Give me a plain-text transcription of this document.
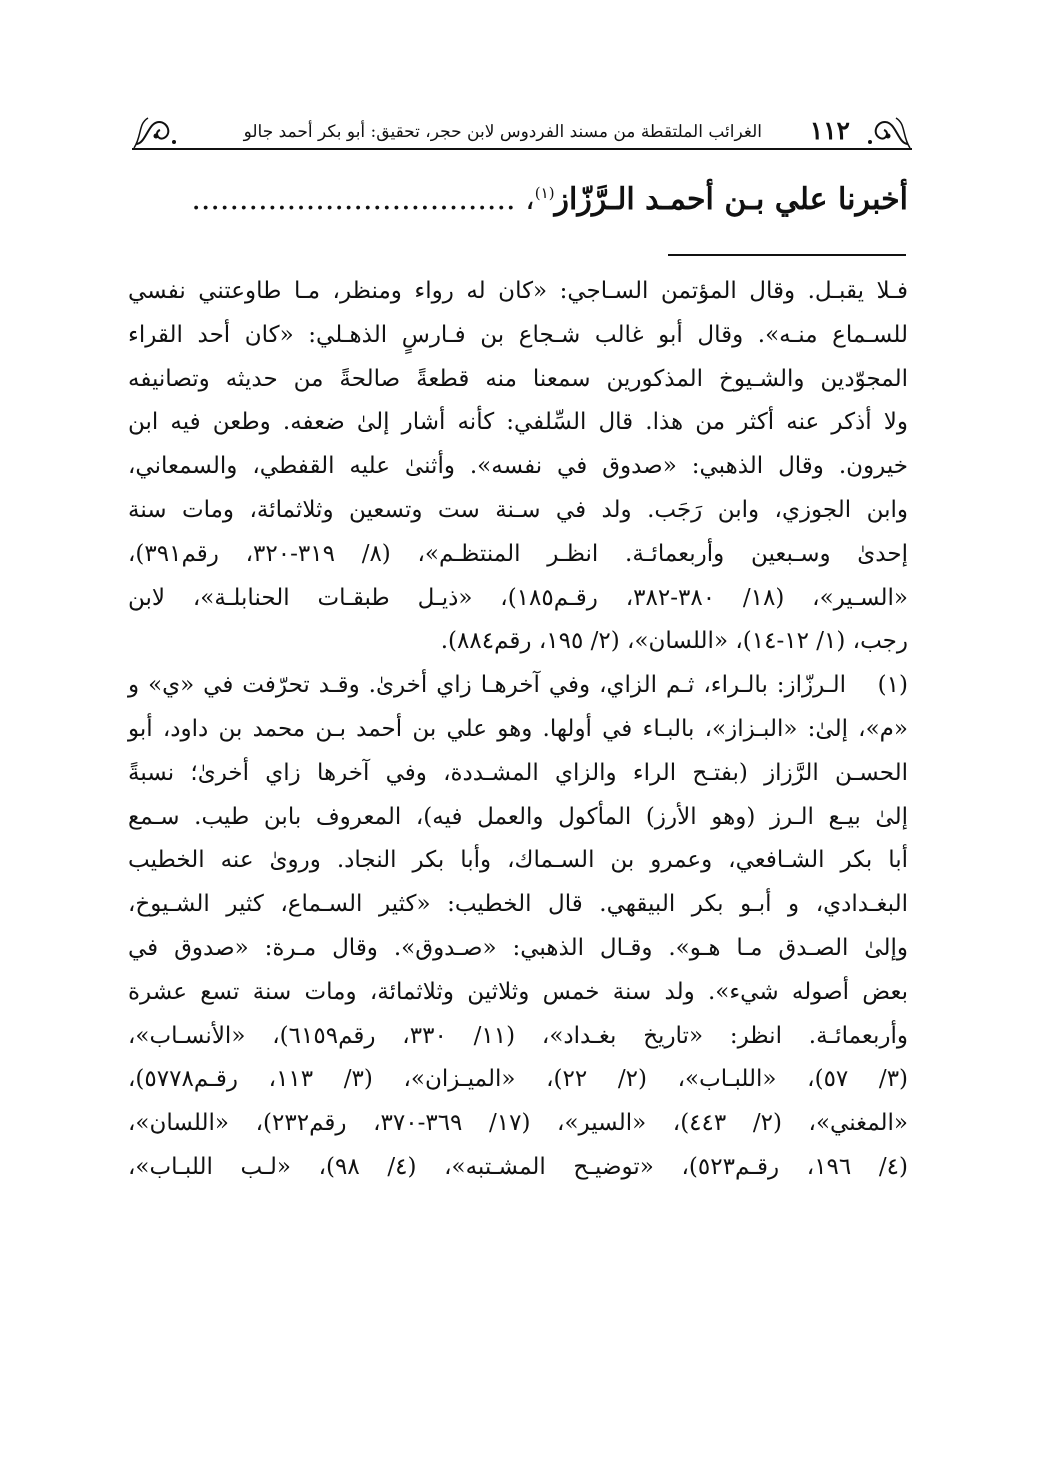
١١٢
الغرائب الملتقطة من مسند الفردوس لابن حجر، تحقيق: أبو بكر أحمد جالو
أخبرنا علي بـن أحمـد الـرَّزّاز$^{(١)}$، ..................................
فـلا يقبـل. وقال المؤتمن السـاجي: «كان له رواء ومنظر، مـا طاوعتني نفسي
للسـماع منـه». وقال أبو غالب شـجاع بن فـارسٍ الذهـلي: «كان أحد القراء
المجوّدين والشـيوخ المذكورين سمعنا منه قطعةً صالحةً من حديثه وتصانيفه
ولا أذكر عنه أكثر من هذا. قال السِّلفي: كأنه أشار إلىٰ ضعفه. وطعن فيه ابن
خيرون. وقال الذهبي: «صدوق في نفسه». وأثنىٰ عليه القفطي، والسمعاني،
وابن الجوزي، وابن رَجَب. ولد في سـنة ست وتسعين وثلاثمائة، ومات سنة
إحدىٰ وسـبعين وأربعمائـة. انظـر المنتظـم»، (٨/ ٣١٩-٣٢٠، رقم٣٩١)،
«السـير»، (١٨/ ٣٨٠-٣٨٢، رقـم١٨٥)، «ذيـل طبقـات الحنابلـة»، لابن
رجب، (١/ ١٢-١٤)، «اللسان»، (٢/ ١٩٥، رقم٨٨٤).
(١)
الـرزّاز: بالـراء، ثـم الزاي، وفي آخرهـا زاي أخرىٰ. وقـد تحرّفت في «ي» و
«م»، إلىٰ: «البـزاز»، بالبـاء في أولها. وهو علي بن أحمد بـن محمد بن داود، أبو
الحسـن الرَّزاز (بفتـح الراء والزاي المشـددة، وفي آخرها زاي أخرىٰ؛ نسبةً
إلىٰ بيـع الـرز (وهو الأرز) المأكول والعمل فيه)، المعروف بابن طيب. سـمع
أبا بكر الشـافعي، وعمرو بن السـماك، وأبا بكر النجاد. وروىٰ عنه الخطيب
البغـدادي، و أبـو بكر البيقهي. قال الخطيب: «كثير السـماع، كثير الشـيوخ،
وإلىٰ الصـدق مـا هـو». وقـال الذهبي: «صـدوق». وقال مـرة: «صدوق في
بعض أصوله شيء». ولد سنة خمس وثلاثين وثلاثمائة، ومات سنة تسع عشرة
وأربعمائـة. انظر: «تاريخ بغـداد»، (١١/ ٣٣٠، رقم٦١٥٩)، «الأنسـاب»،
(٣/ ٥٧)، «اللبـاب»، (٢/ ٢٢)، «الميـزان»، (٣/ ١١٣، رقـم٥٧٧٨)،
«المغني»، (٢/ ٤٤٣)، «السير»، (١٧/ ٣٦٩-٣٧٠، رقم٢٣٢)، «اللسان»،
(٤/ ١٩٦، رقـم٥٢٣)، «توضيـح المشـتبه»، (٤/ ٩٨)، «لـب اللبـاب»،
